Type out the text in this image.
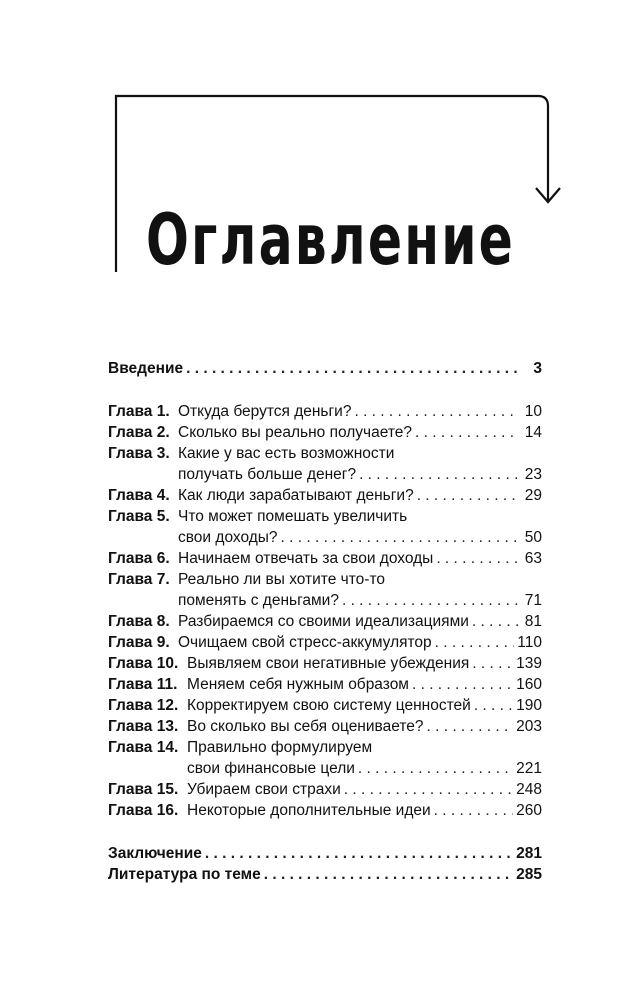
Оглавление
Введение . . .	3
Глава 1. Откуда берутся деньги? . . .	10
Глава 2. Сколько вы реально получаете? . . .	14
Глава 3. Какие у вас есть возможности
получать больше денег? . . .	23
Глава 4. Как люди зарабатывают деньги? . . .	29
Глава 5. Что может помешать увеличить
свои доходы? . . .	50
Глава 6. Начинаем отвечать за свои доходы . . .	63
Глава 7. Реально ли вы хотите что-то
поменять с деньгами? . . .	71
Глава 8. Разбираемся со своими идеализациями . . .	81
Глава 9. Очищаем свой стресс-аккумулятор . . .	110
Глава 10. Выявляем свои негативные убеждения . . .	139
Глава 11. Меняем себя нужным образом . . .	160
Глава 12. Корректируем свою систему ценностей . . .	190
Глава 13. Во сколько вы себя оцениваете? . . .	203
Глава 14. Правильно формулируем
свои финансовые цели . . .	221
Глава 15. Убираем свои страхи . . .	248
Глава 16. Некоторые дополнительные идеи . . .	260
Заключение . . .	281
Литература по теме . . .	285
